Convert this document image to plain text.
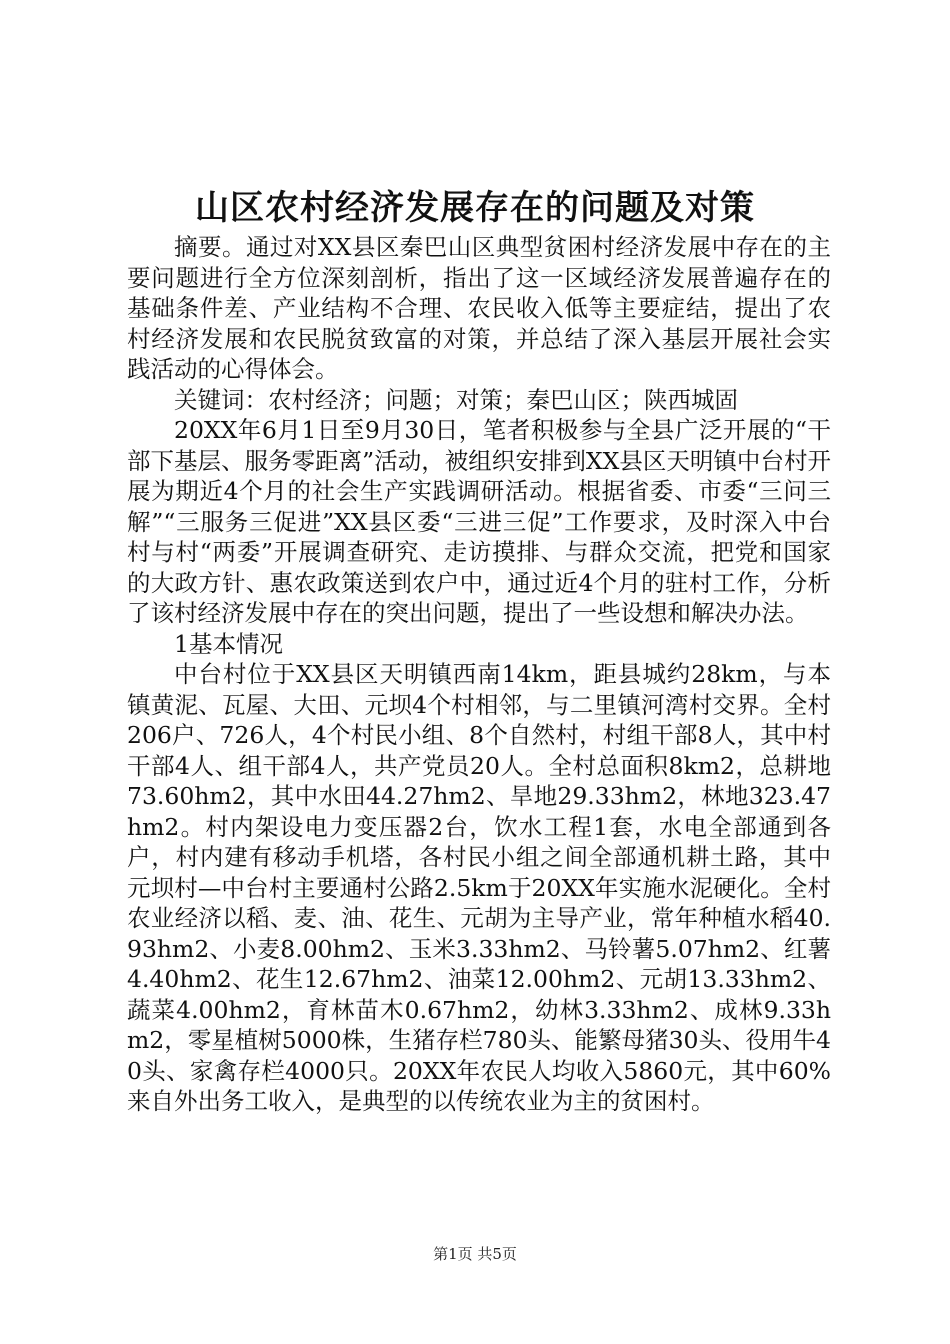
山区农村经济发展存在的问题及对策

摘要。通过对XX县区秦巴山区典型贫困村经济发展中存在的主要问题进行全方位深刻剖析，指出了这一区域经济发展普遍存在的基础条件差、产业结构不合理、农民收入低等主要症结，提出了农村经济发展和农民脱贫致富的对策，并总结了深入基层开展社会实践活动的心得体会。

关键词：农村经济；问题；对策；秦巴山区；陕西城固

20XX年6月1日至9月30日，笔者积极参与全县广泛开展的“干部下基层、服务零距离”活动，被组织安排到XX县区天明镇中台村开展为期近4个月的社会生产实践调研活动。根据省委、市委“三问三解”“三服务三促进”XX县区委“三进三促”工作要求，及时深入中台村与村“两委”开展调查研究、走访摸排、与群众交流，把党和国家的大政方针、惠农政策送到农户中，通过近4个月的驻村工作，分析了该村经济发展中存在的突出问题，提出了一些设想和解决办法。

1基本情况

中台村位于XX县区天明镇西南14km，距县城约28km，与本镇黄泥、瓦屋、大田、元坝4个村相邻，与二里镇河湾村交界。全村206户、726人，4个村民小组、8个自然村，村组干部8人，其中村干部4人、组干部4人，共产党员20人。全村总面积8km2，总耕地73.60hm2，其中水田44.27hm2、旱地29.33hm2，林地323.47hm2。村内架设电力变压器2台，饮水工程1套，水电全部通到各户，村内建有移动手机塔，各村民小组之间全部通机耕土路，其中元坝村—中台村主要通村公路2.5km于20XX年实施水泥硬化。全村农业经济以稻、麦、油、花生、元胡为主导产业，常年种植水稻40.93hm2、小麦8.00hm2、玉米3.33hm2、马铃薯5.07hm2、红薯4.40hm2、花生12.67hm2、油菜12.00hm2、元胡13.33hm2、蔬菜4.00hm2，育林苗木0.67hm2，幼林3.33hm2、成林9.33hm2，零星植树5000株，生猪存栏780头、能繁母猪30头、役用牛40头、家禽存栏4000只。20XX年农民人均收入5860元，其中60%来自外出务工收入，是典型的以传统农业为主的贫困村。

第1页 共5页
